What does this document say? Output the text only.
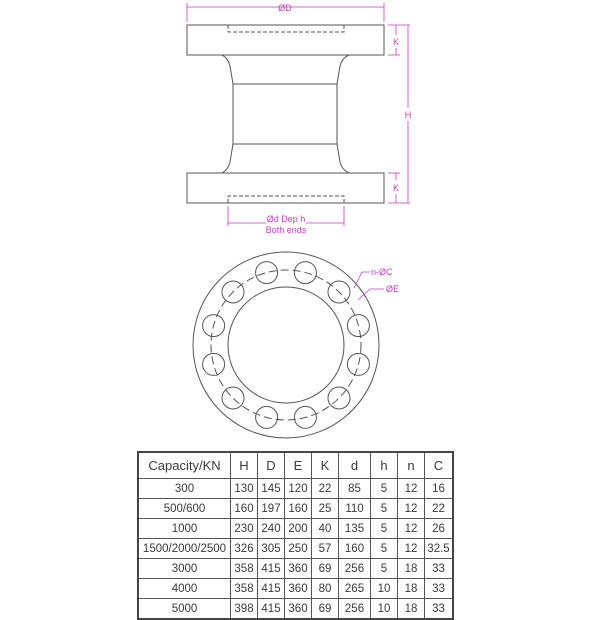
ØD
K
H
K
Ød Dep h
Both ends
n-ØC
ØE
Capacity/KN	H	D	E	K	d	h	n	C
300	130	145	120	22	85	5	12	16
500/600	160	197	160	25	110	5	12	22
1000	230	240	200	40	135	5	12	26
1500/2000/2500	326	305	250	57	160	5	12	32.5
3000	358	415	360	69	256	5	18	33
4000	358	415	360	80	265	10	18	33
5000	398	415	360	69	256	10	18	33
